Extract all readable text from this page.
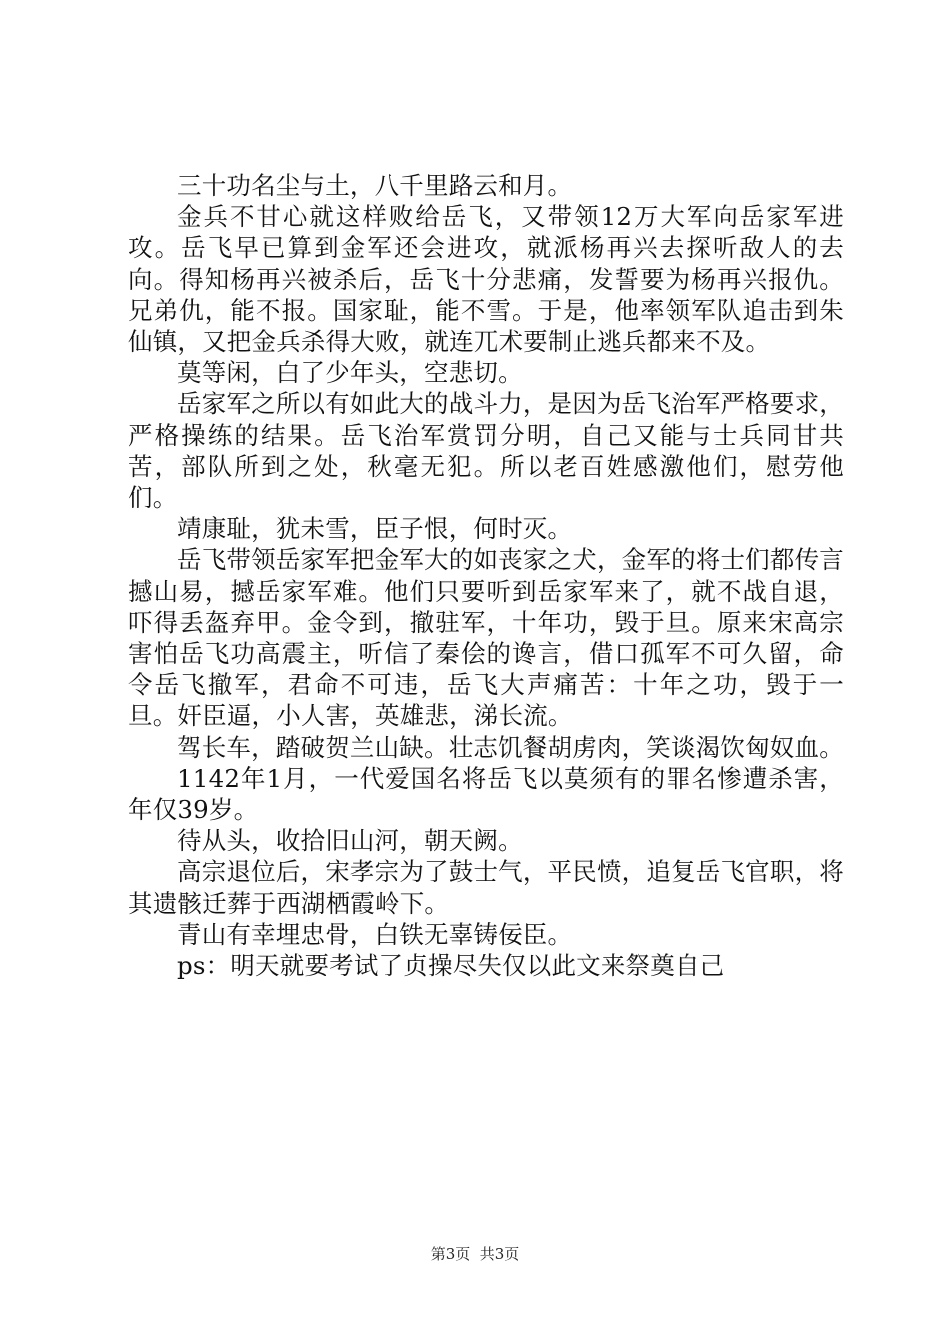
三十功名尘与土，八千里路云和月。

金兵不甘心就这样败给岳飞，又带领12万大军向岳家军进攻。岳飞早已算到金军还会进攻，就派杨再兴去探听敌人的去向。得知杨再兴被杀后，岳飞十分悲痛，发誓要为杨再兴报仇。兄弟仇，能不报。国家耻，能不雪。于是，他率领军队追击到朱仙镇，又把金兵杀得大败，就连兀术要制止逃兵都来不及。

莫等闲，白了少年头，空悲切。

岳家军之所以有如此大的战斗力，是因为岳飞治军严格要求，严格操练的结果。岳飞治军赏罚分明，自己又能与士兵同甘共苦，部队所到之处，秋毫无犯。所以老百姓感激他们，慰劳他们。

靖康耻，犹未雪，臣子恨，何时灭。

岳飞带领岳家军把金军大的如丧家之犬，金军的将士们都传言撼山易，撼岳家军难。他们只要听到岳家军来了，就不战自退，吓得丢盔弃甲。金令到，撤驻军，十年功，毁于旦。原来宋高宗害怕岳飞功高震主，听信了秦侩的谗言，借口孤军不可久留，命令岳飞撤军，君命不可违，岳飞大声痛苦：十年之功，毁于一旦。奸臣逼，小人害，英雄悲，涕长流。

驾长车，踏破贺兰山缺。壮志饥餐胡虏肉，笑谈渴饮匈奴血。

1142年1月，一代爱国名将岳飞以莫须有的罪名惨遭杀害，年仅39岁。

待从头，收拾旧山河，朝天阙。

高宗退位后，宋孝宗为了鼓士气，平民愤，追复岳飞官职，将其遗骸迁葬于西湖栖霞岭下。

青山有幸埋忠骨，白铁无辜铸佞臣。

ps：明天就要考试了贞操尽失仅以此文来祭奠自己

第3页  共3页
